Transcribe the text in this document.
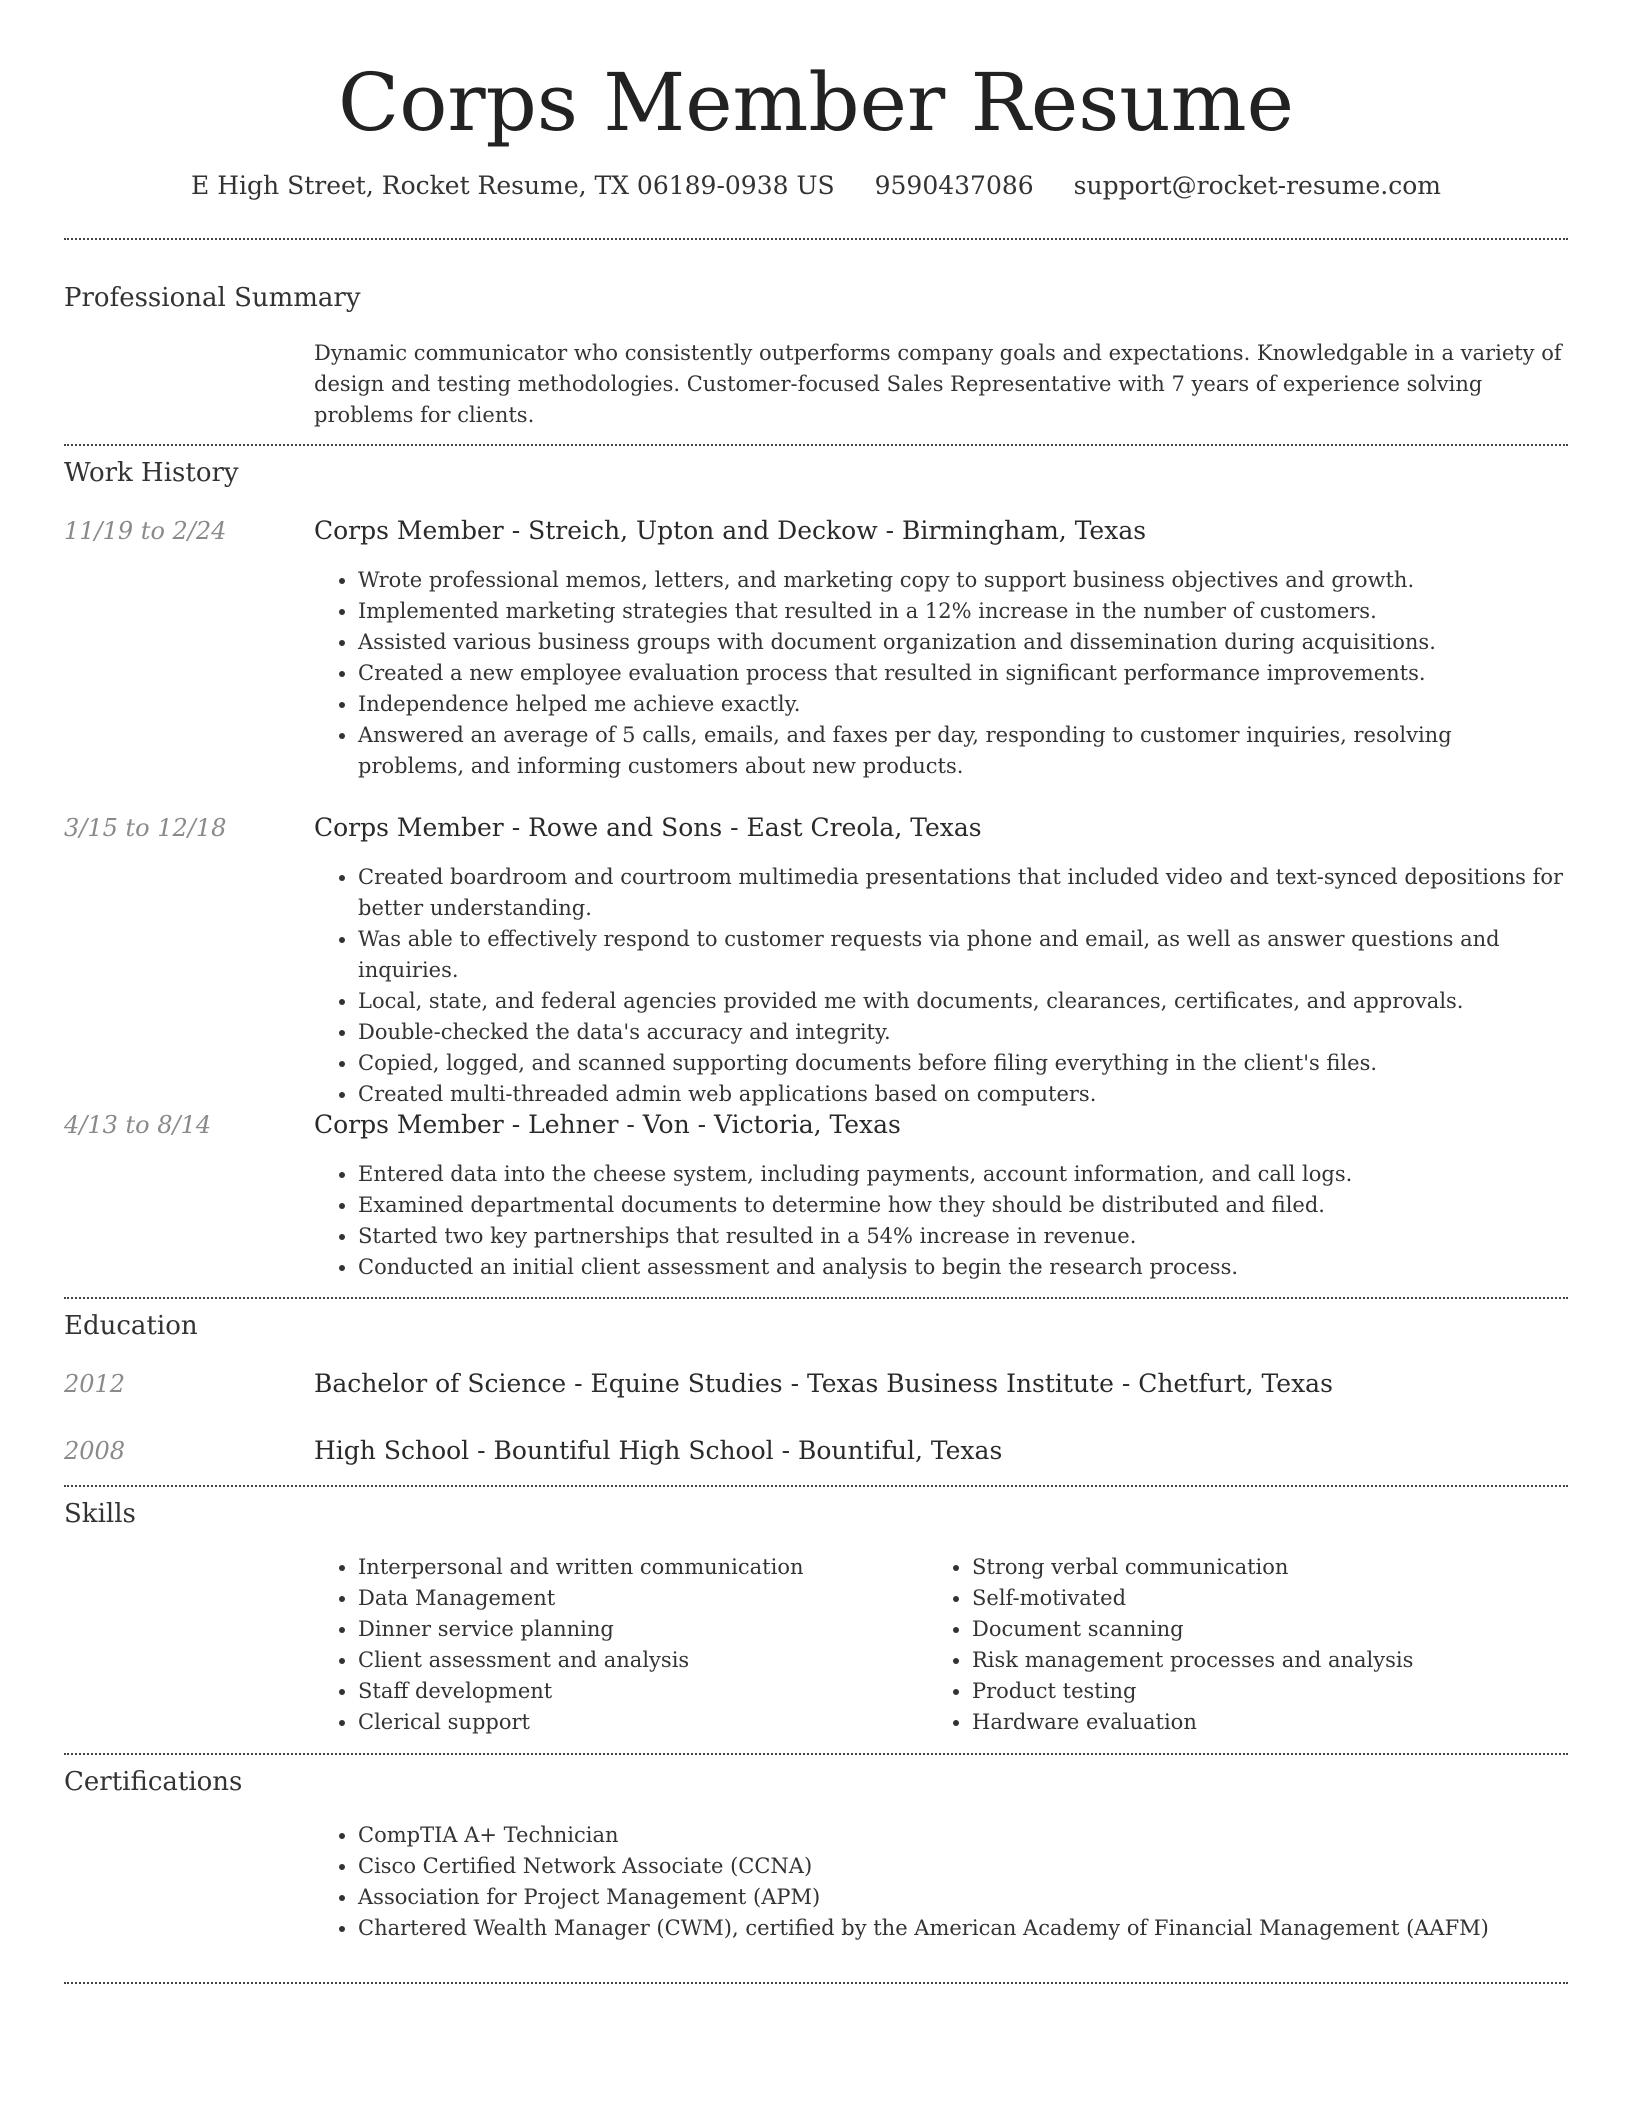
Corps Member Resume
E High Street, Rocket Resume, TX 06189-0938 US 9590437086 support@rocket-resume.com
Professional Summary
Dynamic communicator who consistently outperforms company goals and expectations. Knowledgable in a variety of design and testing methodologies. Customer-focused Sales Representative with 7 years of experience solving problems for clients.
Work History
11/19 to 2/24	Corps Member - Streich, Upton and Deckow - Birmingham, Texas
• Wrote professional memos, letters, and marketing copy to support business objectives and growth.
• Implemented marketing strategies that resulted in a 12% increase in the number of customers.
• Assisted various business groups with document organization and dissemination during acquisitions.
• Created a new employee evaluation process that resulted in significant performance improvements.
• Independence helped me achieve exactly.
• Answered an average of 5 calls, emails, and faxes per day, responding to customer inquiries, resolving problems, and informing customers about new products.
3/15 to 12/18	Corps Member - Rowe and Sons - East Creola, Texas
• Created boardroom and courtroom multimedia presentations that included video and text-synced depositions for better understanding.
• Was able to effectively respond to customer requests via phone and email, as well as answer questions and inquiries.
• Local, state, and federal agencies provided me with documents, clearances, certificates, and approvals.
• Double-checked the data's accuracy and integrity.
• Copied, logged, and scanned supporting documents before filing everything in the client's files.
• Created multi-threaded admin web applications based on computers.
4/13 to 8/14	Corps Member - Lehner - Von - Victoria, Texas
• Entered data into the cheese system, including payments, account information, and call logs.
• Examined departmental documents to determine how they should be distributed and filed.
• Started two key partnerships that resulted in a 54% increase in revenue.
• Conducted an initial client assessment and analysis to begin the research process.
Education
2012	Bachelor of Science - Equine Studies - Texas Business Institute - Chetfurt, Texas
2008	High School - Bountiful High School - Bountiful, Texas
Skills
• Interpersonal and written communication
• Data Management
• Dinner service planning
• Client assessment and analysis
• Staff development
• Clerical support
• Strong verbal communication
• Self-motivated
• Document scanning
• Risk management processes and analysis
• Product testing
• Hardware evaluation
Certifications
• CompTIA A+ Technician
• Cisco Certified Network Associate (CCNA)
• Association for Project Management (APM)
• Chartered Wealth Manager (CWM), certified by the American Academy of Financial Management (AAFM)
